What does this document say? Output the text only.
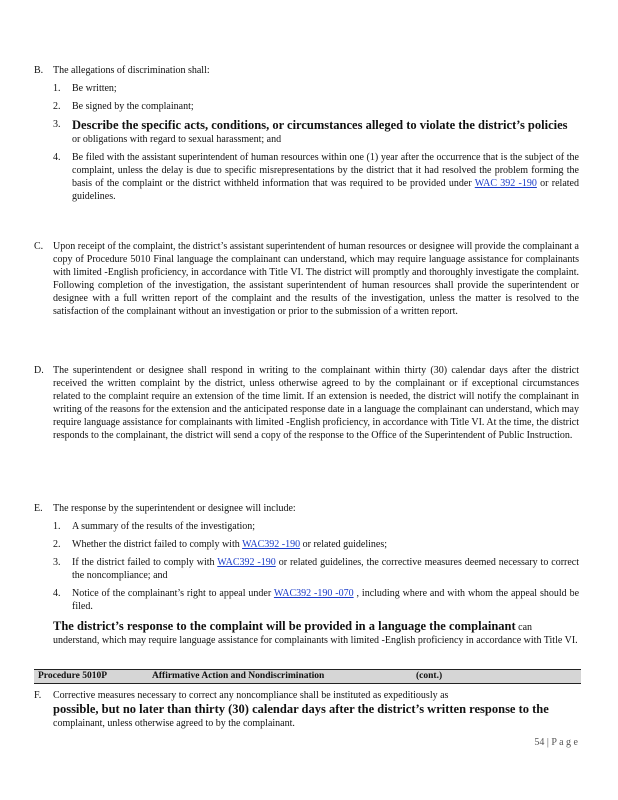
B. The allegations of discrimination shall:
1. Be written;
2. Be signed by the complainant;
3. Describe the specific acts, conditions, or circumstances alleged to violate the district’s policies
or obligations with regard to sexual harassment; and
4. Be filed with the assistant superintendent of human resources within one (1) year after the occurrence that is the subject of the complaint, unless the delay is due to specific misrepresentations by the district that it had resolved the problem forming the basis of the complaint or the district withheld information that was required to be provided under WAC 392 -190 or related guidelines.
C. Upon receipt of the complaint, the district’s assistant superintendent of human resources or designee will provide the complainant a copy of Procedure 5010 Final language the complainant can understand, which may require language assistance for complainants with limited -English proficiency, in accordance with Title VI. The district will promptly and thoroughly investigate the complaint. Following completion of the investigation, the assistant superintendent of human resources shall provide the superintendent or designee with a full written report of the complaint and the results of the investigation, unless the matter is resolved to the satisfaction of the complainant without an investigation or prior to the submission of a written report.
D. The superintendent or designee shall respond in writing to the complainant within thirty (30) calendar days after the district received the written complaint by the district, unless otherwise agreed to by the complainant or if exceptional circumstances related to the complaint require an extension of the time limit. If an extension is needed, the district will notify the complainant in writing of the reasons for the extension and the anticipated response date in a language the complainant can understand, which may require language assistance for complainants with limited -English proficiency, in accordance with Title VI. At the time, the district responds to the complainant, the district will send a copy of the response to the Office of the Superintendent of Public Instruction.
E. The response by the superintendent or designee will include:
1. A summary of the results of the investigation;
2. Whether the district failed to comply with WAC392 -190 or related guidelines;
3. If the district failed to comply with WAC392 -190 or related guidelines, the corrective measures deemed necessary to correct the noncompliance; and
4. Notice of the complainant’s right to appeal under WAC392 -190 -070 , including where and with whom the appeal should be filed.
The district’s response to the complaint will be provided in a language the complainant can understand, which may require language assistance for complainants with limited -English proficiency in accordance with Title VI.
Procedure 5010P	Affirmative Action and Nondiscrimination	(cont.)
F. Corrective measures necessary to correct any noncompliance shall be instituted as expeditiously as
possible, but no later than thirty (30) calendar days after the district’s written response to the
complainant, unless otherwise agreed to by the complainant.
54 | P a g e
